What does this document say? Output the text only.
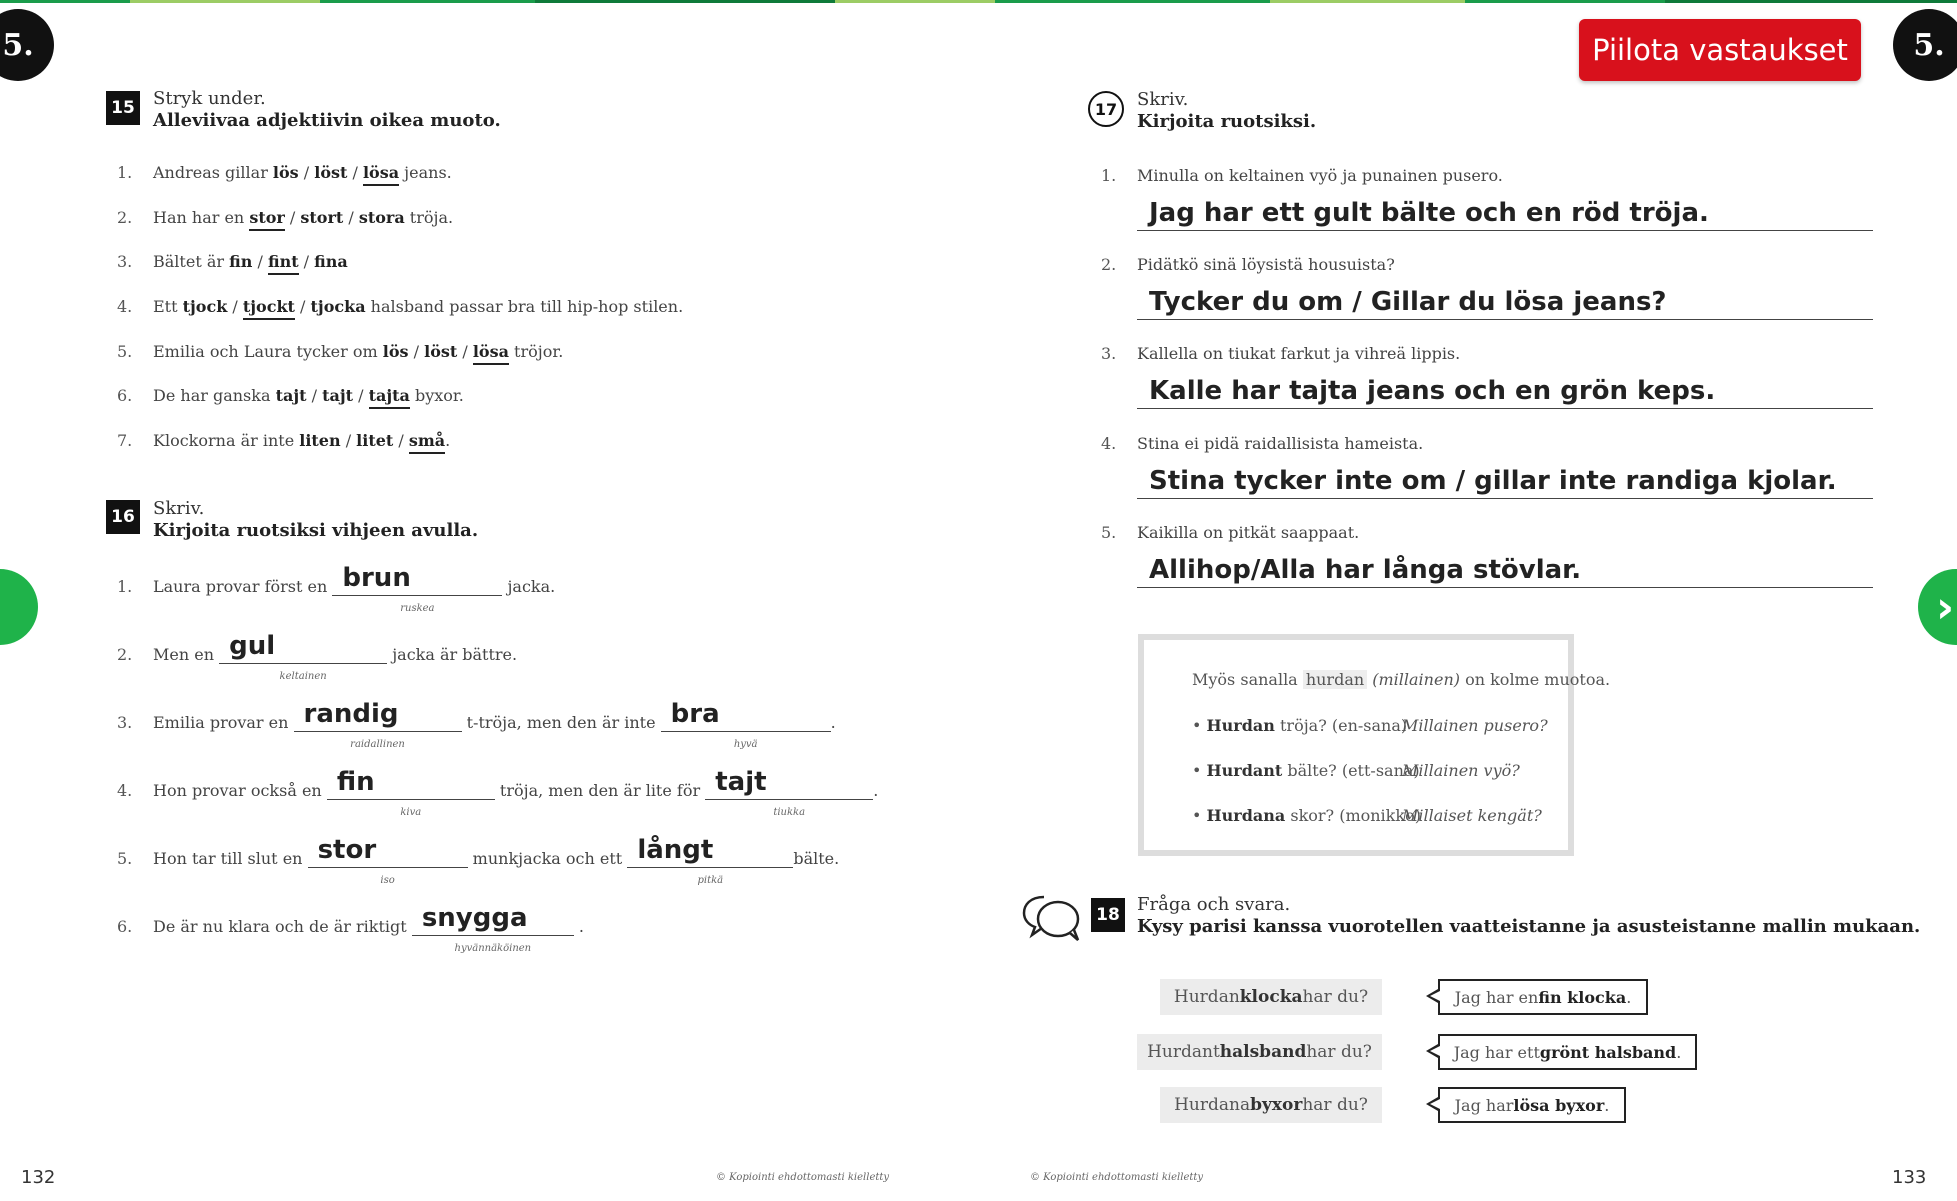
5.	5.
Piilota vastaukset
›
15 Stryk under.
Alleviivaa adjektiivin oikea muoto.
1. Andreas gillar lös / löst / lösa jeans.
2. Han har en stor / stort / stora tröja.
3. Bältet är fin / fint / fina
4. Ett tjock / tjockt / tjocka halsband passar bra till hip-hop stilen.
5. Emilia och Laura tycker om lös / löst / lösa tröjor.
6. De har ganska tajt / tajt / tajta byxor.
7. Klockorna är inte liten / litet / små.
16 Skriv.
Kirjoita ruotsiksi vihjeen avulla.
1. Laura provar först en brun
ruskea
jacka.
2. Men en gul
keltainen
jacka är bättre.
3. Emilia provar en randig
raidallinen
t-tröja, men den är inte bra
hyvä
.
4. Hon provar också en fin
kiva
tröja, men den är lite för tajt
tiukka
.
5. Hon tar till slut en stor
iso
munkjacka och ett långt
pitkä
bälte.
6. De är nu klara och de är riktigt snygga
hyvännäköinen
.
17	Skriv.
Kirjoita ruotsiksi.
1. Minulla on keltainen vyö ja punainen pusero.
Jag har ett gult bälte och en röd tröja.
2. Pidätkö sinä löysistä housuista?
Tycker du om / Gillar du lösa jeans?
3. Kallella on tiukat farkut ja vihreä lippis.
Kalle har tajta jeans och en grön keps.
4. Stina ei pidä raidallisista hameista.
Stina tycker inte om / gillar inte randiga kjolar.
5. Kaikilla on pitkät saappaat.
Allihop/Alla har långa stövlar.
Myös sanalla hurdan (millainen) on kolme muotoa.
• Hurdan tröja? (en-sana)
Millainen pusero?
• Hurdant bälte? (ett-sana)
Millainen vyö?
• Hurdana skor? (monikko)
Millaiset kengät?
18 Fråga och svara.
Kysy parisi kanssa vuorotellen vaatteistanne ja asusteistanne mallin mukaan.
Hurdan klocka har du?	Jag har en fin klocka .
Hurdant halsband har du?	Jag har ett grönt halsband .
Hurdana byxor har du?	Jag har lösa byxor .
132	133
© Kopiointi ehdottomasti kielletty	© Kopiointi ehdottomasti kielletty
